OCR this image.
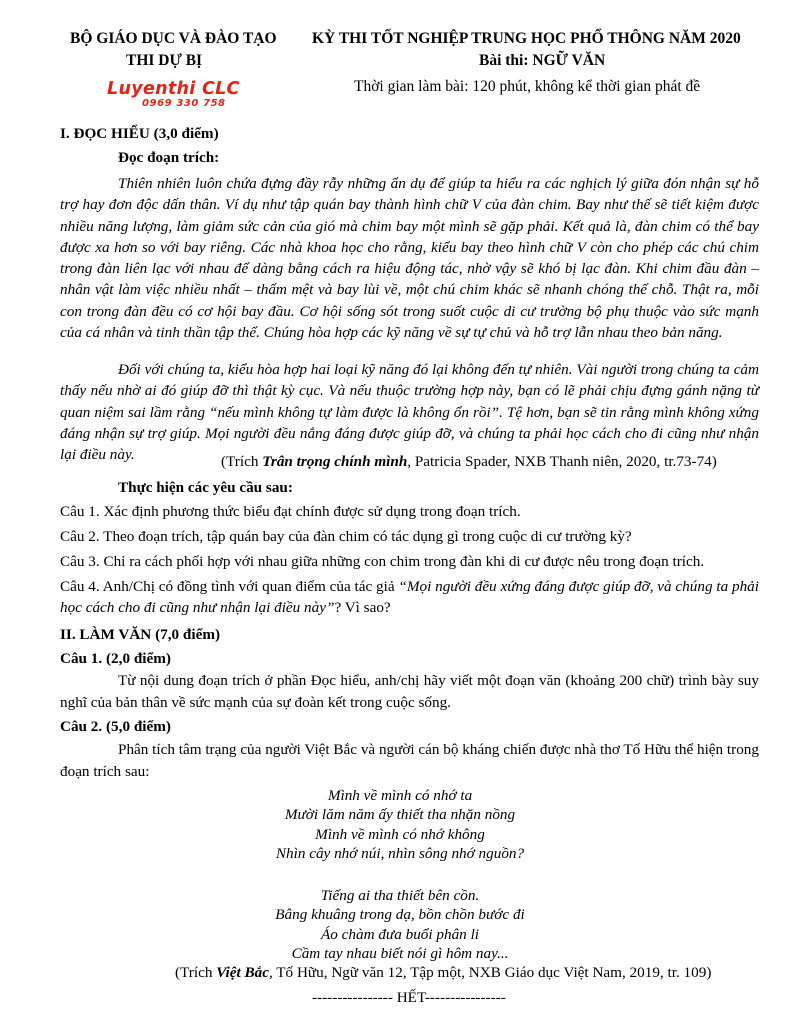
BỘ GIÁO DỤC VÀ ĐÀO TẠO KỲ THI TỐT NGHIỆP TRUNG HỌC PHỔ THÔNG NĂM 2020
THI DỰ BỊ	Bài thi: NGỮ VĂN
Luyenthi CLC
0969 330 758
Thời gian làm bài: 120 phút, không kể thời gian phát đề
I. ĐỌC HIỂU (3,0 điểm)
Đọc đoạn trích:

Thiên nhiên luôn chứa đựng đầy rẫy những ẩn dụ để giúp ta hiểu ra các nghịch lý giữa đón nhận sự hỗ trợ hay đơn độc dấn thân. Ví dụ như tập quán bay thành hình chữ V của đàn chim. Bay như thế sẽ tiết kiệm được nhiều năng lượng, làm giảm sức cản của gió mà chim bay một mình sẽ gặp phải. Kết quả là, đàn chim có thể bay được xa hơn so với bay riêng. Các nhà khoa học cho rằng, kiểu bay theo hình chữ V còn cho phép các chú chim trong đàn liên lạc với nhau để dàng bằng cách ra hiệu động tác, nhờ vậy sẽ khó bị lạc đàn. Khi chim đầu đàn – nhân vật làm việc nhiều nhất – thấm mệt và bay lùi về, một chú chim khác sẽ nhanh chóng thế chỗ. Thật ra, mỗi con trong đàn đều có cơ hội bay đầu. Cơ hội sống sót trong suốt cuộc di cư trường bộ phụ thuộc vào sức mạnh của cá nhân và tinh thần tập thể. Chúng hòa hợp các kỹ năng về sự tự chủ và hỗ trợ lẫn nhau theo bản năng.

Đối với chúng ta, kiểu hòa hợp hai loại kỹ năng đó lại không đến tự nhiên. Vài người trong chúng ta cảm thấy nếu nhờ ai đó giúp đỡ thì thật kỳ cục. Và nếu thuộc trường hợp này, bạn có lẽ phải chịu đựng gánh nặng từ quan niệm sai lầm rằng “nếu mình không tự làm được là không ổn rồi”. Tệ hơn, bạn sẽ tin rằng mình không xứng đáng nhận sự trợ giúp. Mọi người đều nắng đáng được giúp đỡ, và chúng ta phải học cách cho đi cũng như nhận lại điều này.	(Trích Trân trọng chính mình, Patricia Spader, NXB Thanh niên, 2020, tr.73-74)
Thực hiện các yêu cầu sau:
Câu 1. Xác định phương thức biểu đạt chính được sử dụng trong đoạn trích.
Câu 2. Theo đoạn trích, tập quán bay của đàn chim có tác dụng gì trong cuộc di cư trường kỳ?
Câu 3. Chỉ ra cách phối hợp với nhau giữa những con chim trong đàn khi di cư được nêu trong đoạn trích.

Câu 4. Anh/Chị có đồng tình với quan điểm của tác giả “Mọi người đều xứng đáng được giúp đỡ, và chúng ta phải học cách cho đi cũng như nhận lại điều này”? Vì sao?

II. LÀM VĂN (7,0 điểm)
Câu 1. (2,0 điểm)

Từ nội dung đoạn trích ở phần Đọc hiểu, anh/chị hãy viết một đoạn văn (khoảng 200 chữ) trình bày suy nghĩ của bản thân về sức mạnh của sự đoàn kết trong cuộc sống.

Câu 2. (5,0 điểm)

Phân tích tâm trạng của người Việt Bắc và người cán bộ kháng chiến được nhà thơ Tố Hữu thể hiện trong đoạn trích sau:

Mình về mình có nhớ ta
Mười lăm năm ấy thiết tha nhặn nồng
Mình về mình có nhớ không
Nhìn cây nhớ núi, nhìn sông nhớ nguồn?
Tiếng ai tha thiết bên cồn.
Bâng khuâng trong dạ, bồn chồn bước đi
Áo chàm đưa buổi phân li
Cầm tay nhau biết nói gì hôm nay...
(Trích Việt Bắc, Tố Hữu, Ngữ văn 12, Tập một, NXB Giáo dục Việt Nam, 2019, tr. 109)
---------------- HẾT----------------
